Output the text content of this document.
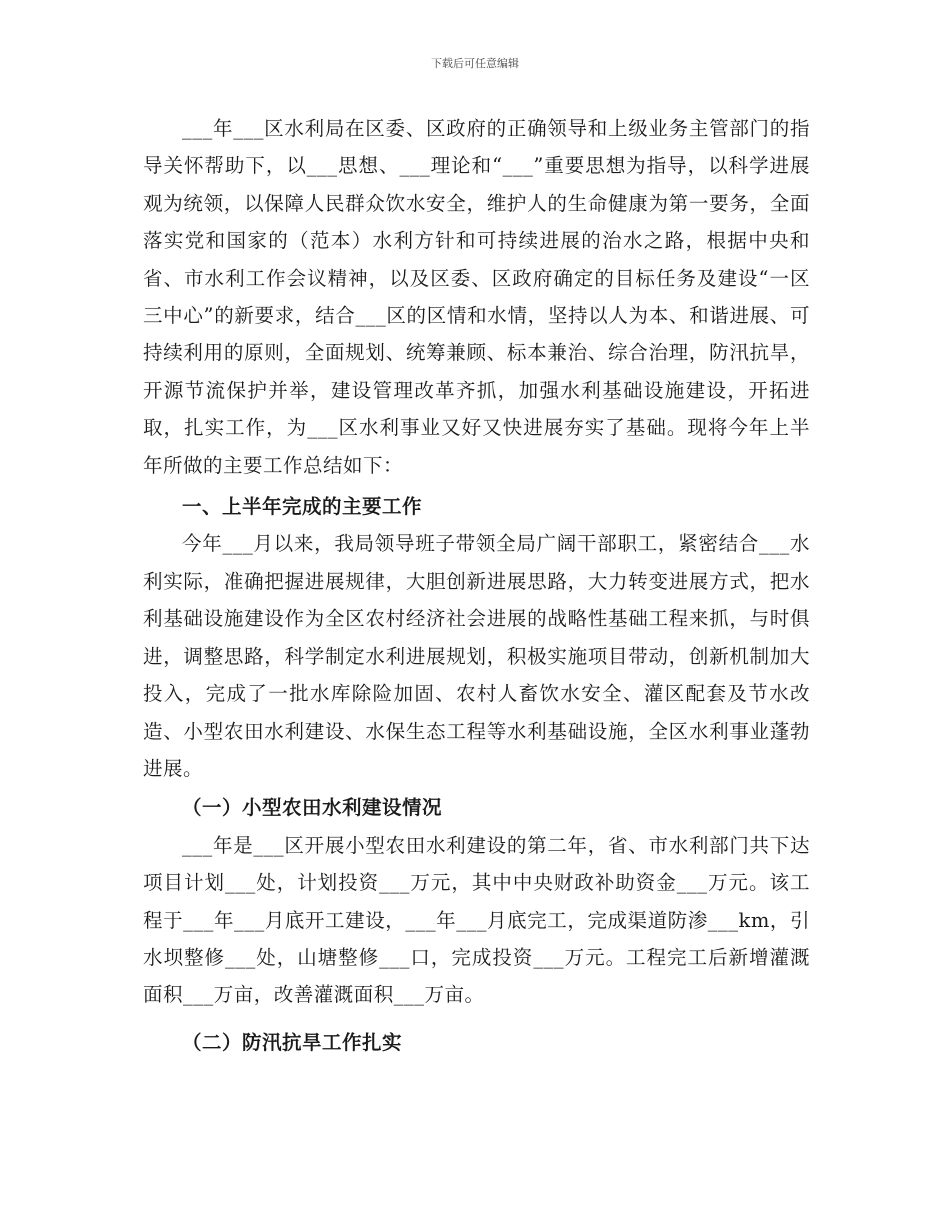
下载后可任意编辑

___年___区水利局在区委、区政府的正确领导和上级业务主管部门的指导关怀帮助下，以___思想、___理论和“___”重要思想为指导，以科学进展观为统领，以保障人民群众饮水安全，维护人的生命健康为第一要务，全面落实党和国家的（范本）水利方针和可持续进展的治水之路，根据中央和省、市水利工作会议精神，以及区委、区政府确定的目标任务及建设“一区三中心”的新要求，结合___区的区情和水情，坚持以人为本、和谐进展、可持续利用的原则，全面规划、统筹兼顾、标本兼治、综合治理，防汛抗旱，开源节流保护并举，建设管理改革齐抓，加强水利基础设施建设，开拓进取，扎实工作，为___区水利事业又好又快进展夯实了基础。现将今年上半年所做的主要工作总结如下：

一、上半年完成的主要工作

今年___月以来，我局领导班子带领全局广阔干部职工，紧密结合___水利实际，准确把握进展规律，大胆创新进展思路，大力转变进展方式，把水利基础设施建设作为全区农村经济社会进展的战略性基础工程来抓，与时俱进，调整思路，科学制定水利进展规划，积极实施项目带动，创新机制加大投入，完成了一批水库除险加固、农村人畜饮水安全、灌区配套及节水改造、小型农田水利建设、水保生态工程等水利基础设施，全区水利事业蓬勃进展。

（一）小型农田水利建设情况

___年是___区开展小型农田水利建设的第二年，省、市水利部门共下达项目计划___处，计划投资___万元，其中中央财政补助资金___万元。该工程于___年___月底开工建设，___年___月底完工，完成渠道防渗___km，引水坝整修___处，山塘整修___口，完成投资___万元。工程完工后新增灌溉面积___万亩，改善灌溉面积___万亩。

（二）防汛抗旱工作扎实
